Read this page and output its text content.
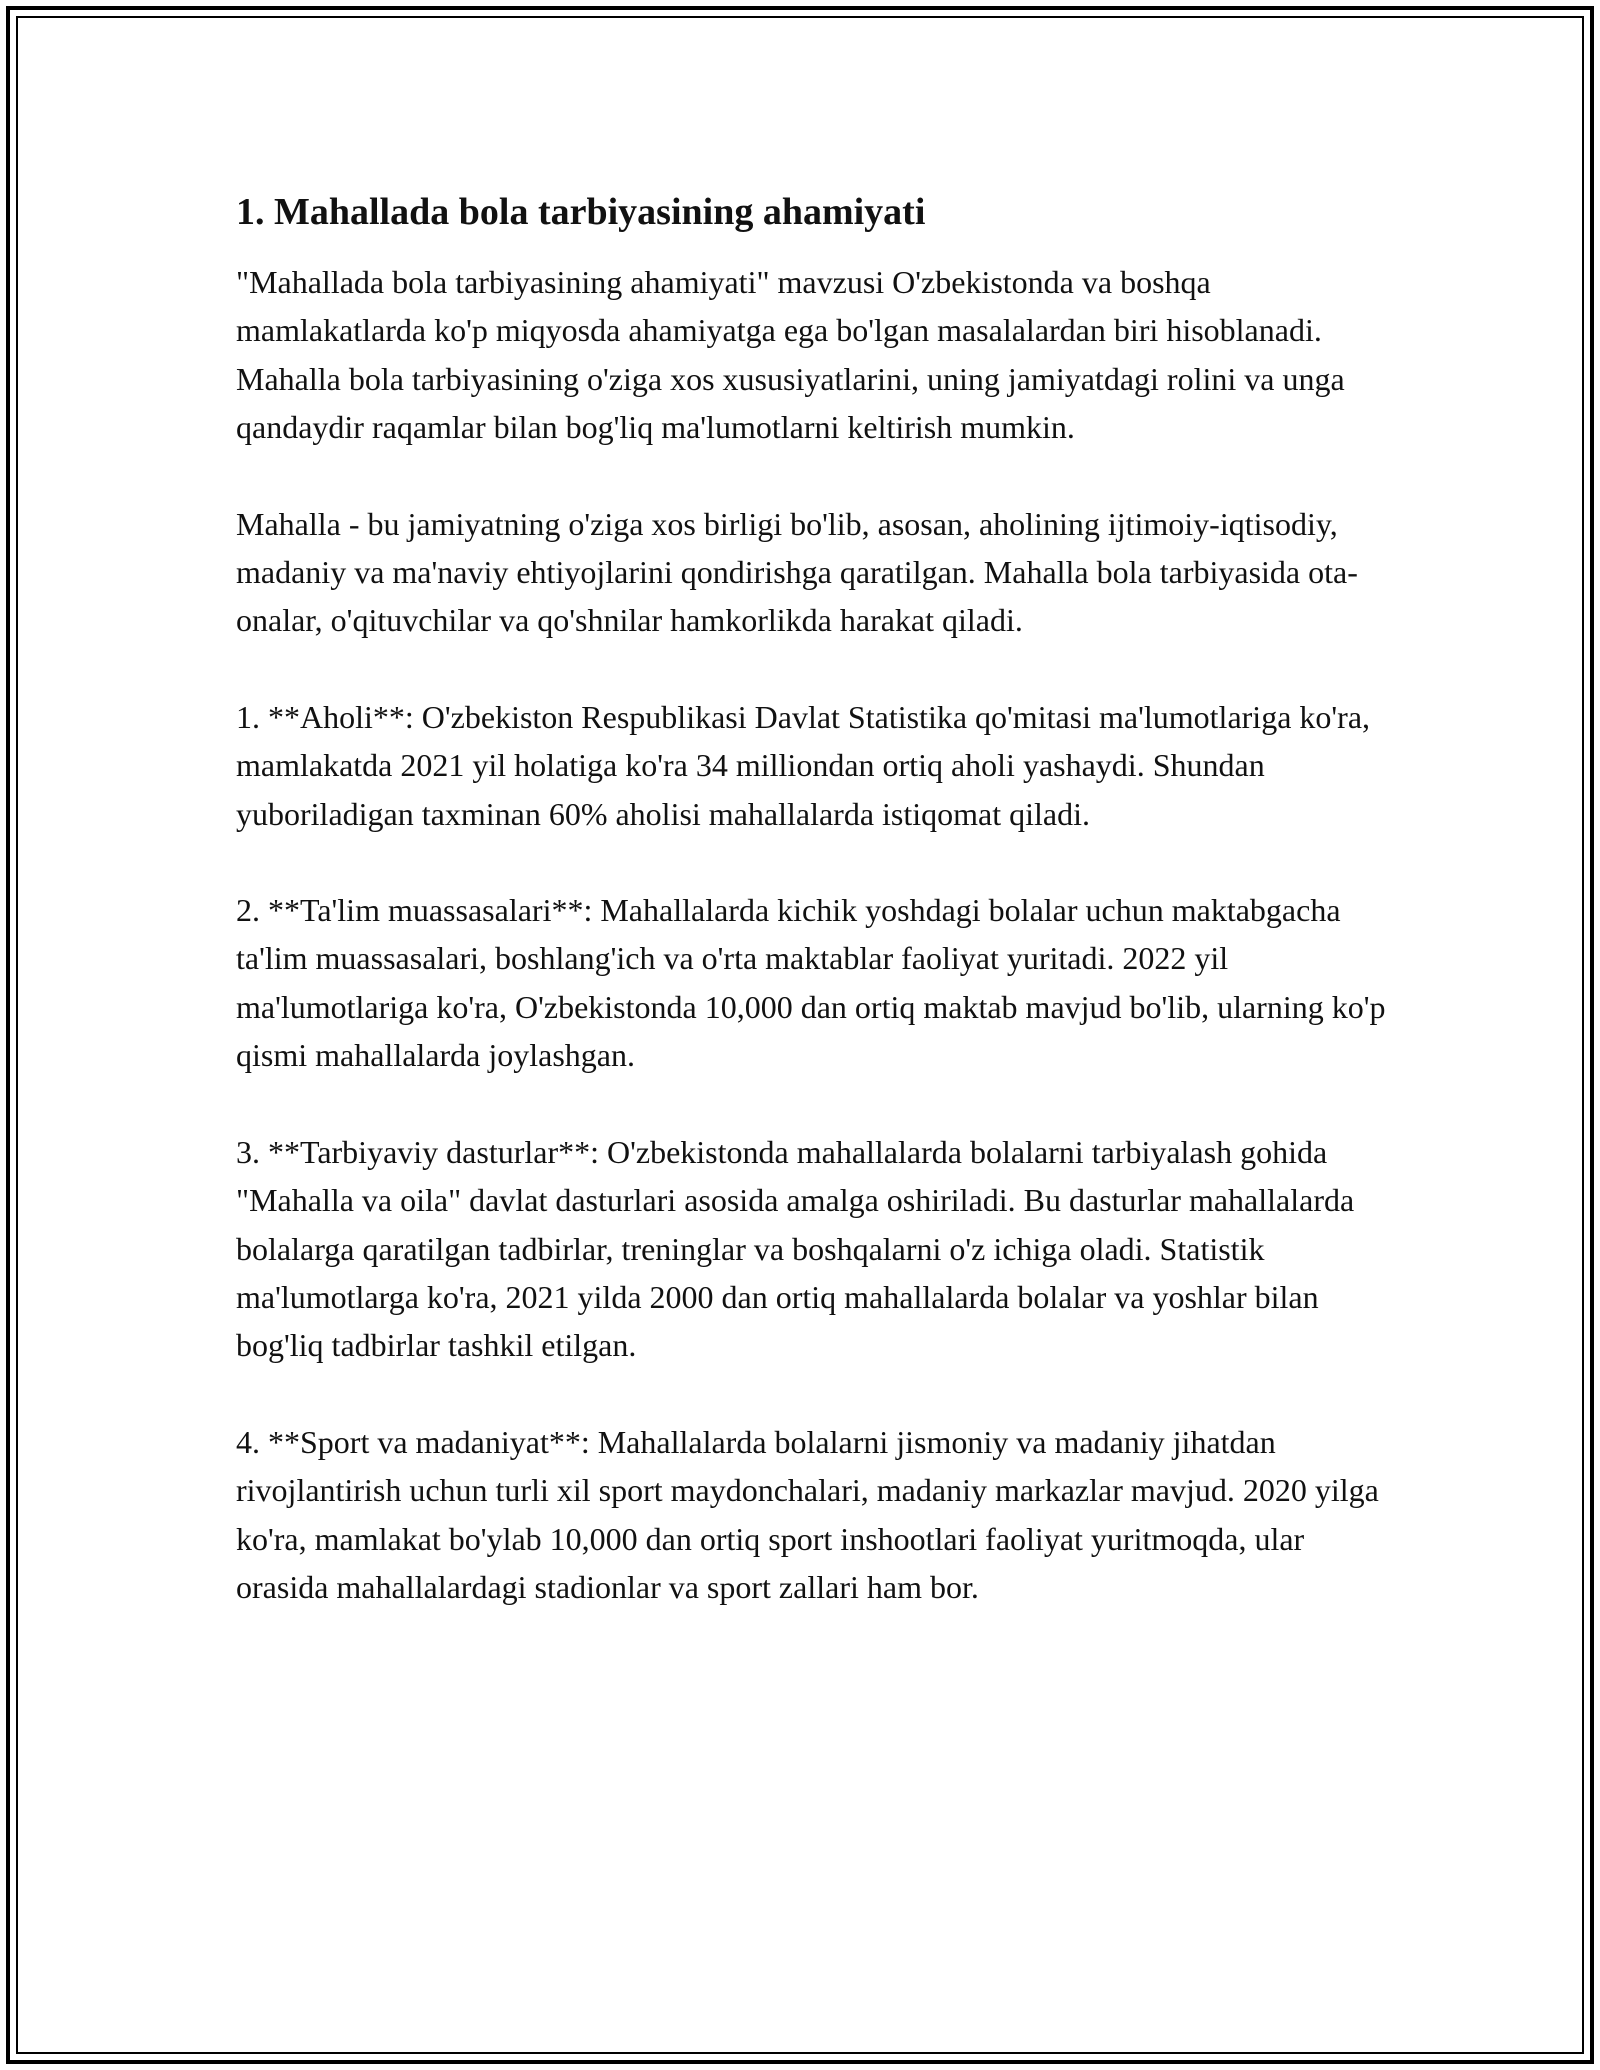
1. Mahallada bola tarbiyasining ahamiyati

"Mahallada bola tarbiyasining ahamiyati" mavzusi O'zbekistonda va boshqa mamlakatlarda ko'p miqyosda ahamiyatga ega bo'lgan masalalardan biri hisoblanadi. Mahalla bola tarbiyasining o'ziga xos xususiyatlarini, uning jamiyatdagi rolini va unga qandaydir raqamlar bilan bog'liq ma'lumotlarni keltirish mumkin.

Mahalla - bu jamiyatning o'ziga xos birligi bo'lib, asosan, aholining ijtimoiy-iqtisodiy, madaniy va ma'naviy ehtiyojlarini qondirishga qaratilgan. Mahalla bola tarbiyasida ota-onalar, o'qituvchilar va qo'shnilar hamkorlikda harakat qiladi.

1. **Aholi**: O'zbekiston Respublikasi Davlat Statistika qo'mitasi ma'lumotlariga ko'ra, mamlakatda 2021 yil holatiga ko'ra 34 milliondan ortiq aholi yashaydi. Shundan yuboriladigan taxminan 60% aholisi mahallalarda istiqomat qiladi.

2. **Ta'lim muassasalari**: Mahallalarda kichik yoshdagi bolalar uchun maktabgacha ta'lim muassasalari, boshlang'ich va o'rta maktablar faoliyat yuritadi. 2022 yil ma'lumotlariga ko'ra, O'zbekistonda 10,000 dan ortiq maktab mavjud bo'lib, ularning ko'p qismi mahallalarda joylashgan.

3. **Tarbiyaviy dasturlar**: O'zbekistonda mahallalarda bolalarni tarbiyalash gohida "Mahalla va oila" davlat dasturlari asosida amalga oshiriladi. Bu dasturlar mahallalarda bolalarga qaratilgan tadbirlar, treninglar va boshqalarni o'z ichiga oladi. Statistik ma'lumotlarga ko'ra, 2021 yilda 2000 dan ortiq mahallalarda bolalar va yoshlar bilan bog'liq tadbirlar tashkil etilgan.

4. **Sport va madaniyat**: Mahallalarda bolalarni jismoniy va madaniy jihatdan rivojlantirish uchun turli xil sport maydonchalari, madaniy markazlar mavjud. 2020 yilga ko'ra, mamlakat bo'ylab 10,000 dan ortiq sport inshootlari faoliyat yuritmoqda, ular orasida mahallalardagi stadionlar va sport zallari ham bor.
